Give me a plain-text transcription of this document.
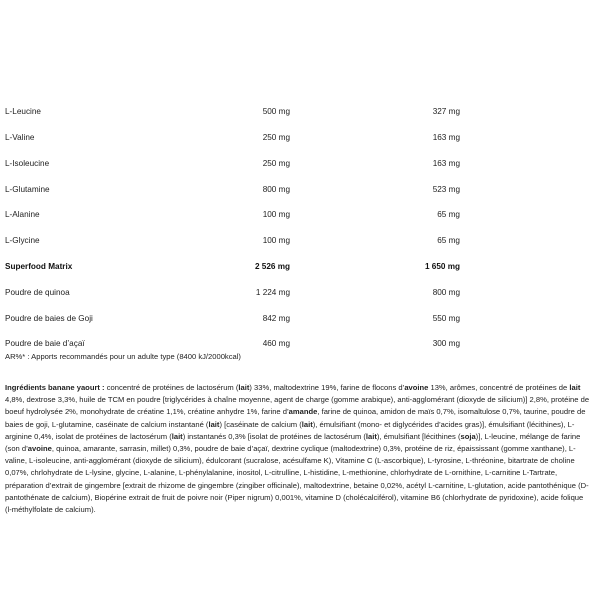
L-Leucine	500 mg	327 mg
L-Valine	250 mg	163 mg
L-Isoleucine	250 mg	163 mg
L-Glutamine	800 mg	523 mg
L-Alanine	100 mg	65 mg
L-Glycine	100 mg	65 mg
Superfood Matrix	2 526 mg	1 650 mg
Poudre de quinoa	1 224 mg	800 mg
Poudre de baies de Goji	842 mg	550 mg
Poudre de baie d’açaï	460 mg	300 mg
AR%* : Apports recommandés pour un adulte type (8400 kJ/2000kcal)
Ingrédients banane yaourt : concentré de protéines de lactosérum (lait) 33%, maltodextrine 19%, farine de flocons d’avoine 13%, arômes, concentré de protéines de lait 4,8%, dextrose 3,3%, huile de TCM en poudre [triglycérides à chaîne moyenne, agent de charge (gomme arabique), anti-agglomérant (dioxyde de silicium)] 2,8%, protéine de boeuf hydrolysée 2%, monohydrate de créatine 1,1%, créatine anhydre 1%, farine d’amande, farine de quinoa, amidon de maïs 0,7%, isomaltulose 0,7%, taurine, poudre de baies de goji, L-glutamine, caséinate de calcium instantané (lait) [caséinate de calcium (lait), émulsifiant (mono- et diglycérides d’acides gras)], émulsifiant (lécithines), L-arginine 0,4%, isolat de protéines de lactosérum (lait) instantanés 0,3% [isolat de protéines de lactosérum (lait), émulsifiant [lécithines (soja)], L-leucine, mélange de farine (son d’avoine, quinoa, amarante, sarrasin, millet) 0,3%, poudre de baie d’açaï, dextrine cyclique (maltodextrine) 0,3%, protéine de riz, épaississant (gomme xanthane), L-valine, L-isoleucine, anti-agglomérant (dioxyde de silicium), édulcorant (sucralose, acésulfame K), Vitamine C (L-ascorbique), L-tyrosine, L-thréonine, bitartrate de choline 0,07%, chrlohydrate de L-lysine, glycine, L-alanine, L-phénylalanine, inositol, L-citrulline, L-histidine, L-methionine, chlorhydrate de L-ornithine, L-carnitine L-Tartrate, préparation d’extrait de gingembre [extrait de rhizome de gingembre (zingiber officinale), maltodextrine, betaine 0,02%, acétyl L-carnitine, L-glutation, acide pantothénique (D-pantothénate de calcium), Biopérine extrait de fruit de poivre noir (Piper nigrum) 0,001%, vitamine D (cholécalciférol), vitamine B6 (chlorhydrate de pyridoxine), acide folique (l-méthylfolate de calcium).
